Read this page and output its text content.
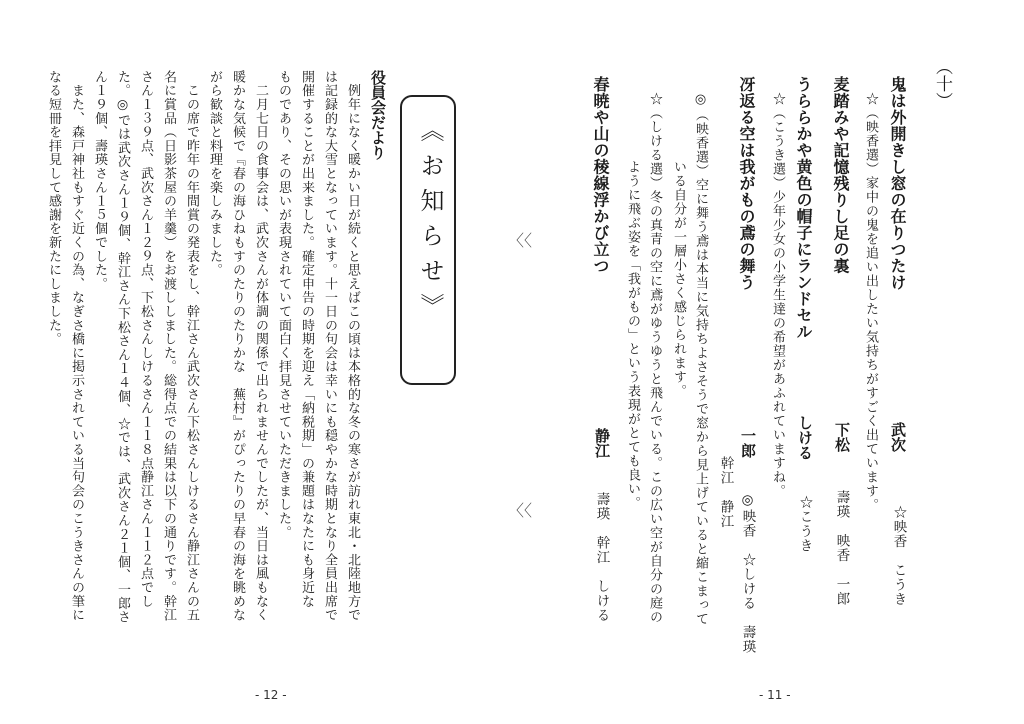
（十）
鬼は外開きし窓の在りつたけ
武次
☆映香　こうき
☆（映香選）家中の鬼を追い出したい気持ちがすごく出ています。
麦踏みや記憶残りし足の裏
下松
壽瑛　映香　一郎
うららかや黄色の帽子にランドセル
しける
☆こうき
☆（こうき選）少年少女の小学生達の希望があふれていますね。
冴返る空は我がもの鳶の舞う
一郎
◎映香　☆しける　壽瑛
幹江　静江
◎（映香選）空に舞う鳶は本当に気持ちよさそうで窓から見上げていると縮こまって
いる自分が一層小さく感じられます。
☆（しける選）冬の真青の空に鳶がゆうゆうと飛んでいる。この広い空が自分の庭の
ように飛ぶ姿を「我がもの」という表現がとても良い。
春暁や山の稜線浮かび立つ
静江
壽瑛　幹江　しける
- 11 -
《お知らせ》
役員会だより
　例年になく暖かい日が続くと思えばこの頃は本格的な冬の寒さが訪れ東北・北陸地方で
は記録的な大雪となっています。十一日の句会は幸いにも穏やかな時期となり全員出席で
開催することが出来ました。確定申告の時期を迎え「納税期」の兼題はなたにも身近な
ものであり、その思いが表現されていて面白く拝見させていただきました。
　二月七日の食事会は、武次さんが体調の関係で出られませんでしたが、当日は風もなく
暖かな気候で『春の海ひねもすのたりのたりかな　蕪村』がぴったりの早春の海を眺めな
がら歓談と料理を楽しみました。
　この席で昨年の年間賞の発表をし、幹江さん武次さん下松さんしけるさん静江さんの五
名に賞品（日影茶屋の羊羹）をお渡ししました。総得点での結果は以下の通りです。幹江
さん１３９点、武次さん１２９点、下松さんしけるさん１１８点静江さん１１２点でし
た。◎では武次さん１９個、幹江さん下松さん１４個、☆では、武次さん２１個、一郎さ
ん１９個、壽瑛さん１５個でした。
　また、森戸神社もすぐ近くの為、なぎさ橋に掲示されている当句会のこうきさんの筆に
なる短冊を拝見して感謝を新たにしました。
- 12 -
〈〈
〈〈
